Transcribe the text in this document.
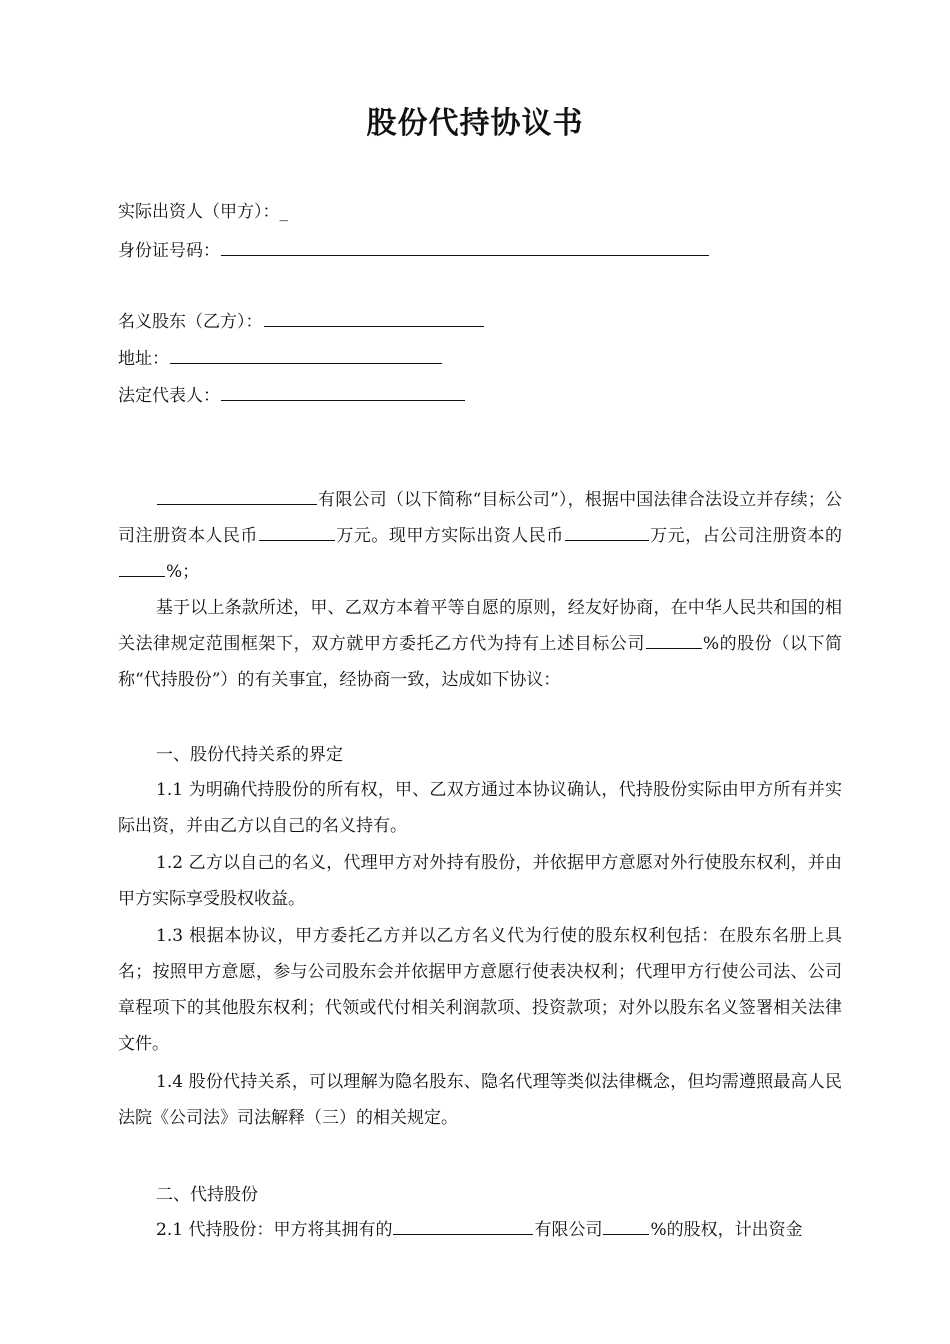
股份代持协议书
实际出资人（甲方）：_
身份证号码：
名义股东（乙方）：
地址：
法定代表人：
有限公司（以下简称“目标公司”），根据中国法律合法设立并存续；公司注册资本人民币	万元。现甲方实际出资人民币	万元，占公司注册资本的%；
基于以上条款所述，甲、乙双方本着平等自愿的原则，经友好协商，在中华人民共和国的相关法律规定范围框架下，双方就甲方委托乙方代为持有上述目标公司	%的股份（以下简称“代持股份”）的有关事宜，经协商一致，达成如下协议：
一、股份代持关系的界定
1.1 为明确代持股份的所有权，甲、乙双方通过本协议确认，代持股份实际由甲方所有并实际出资，并由乙方以自己的名义持有。
1.2 乙方以自己的名义，代理甲方对外持有股份，并依据甲方意愿对外行使股东权利，并由甲方实际享受股权收益。
1.3 根据本协议，甲方委托乙方并以乙方名义代为行使的股东权利包括：在股东名册上具名；按照甲方意愿，参与公司股东会并依据甲方意愿行使表决权利；代理甲方行使公司法、公司章程项下的其他股东权利；代领或代付相关利润款项、投资款项；对外以股东名义签署相关法律文件。
1.4 股份代持关系，可以理解为隐名股东、隐名代理等类似法律概念，但均需遵照最高人民法院《公司法》司法解释（三）的相关规定。
二、代持股份
2.1 代持股份：甲方将其拥有的	有限公司	%的股权，计出资金
